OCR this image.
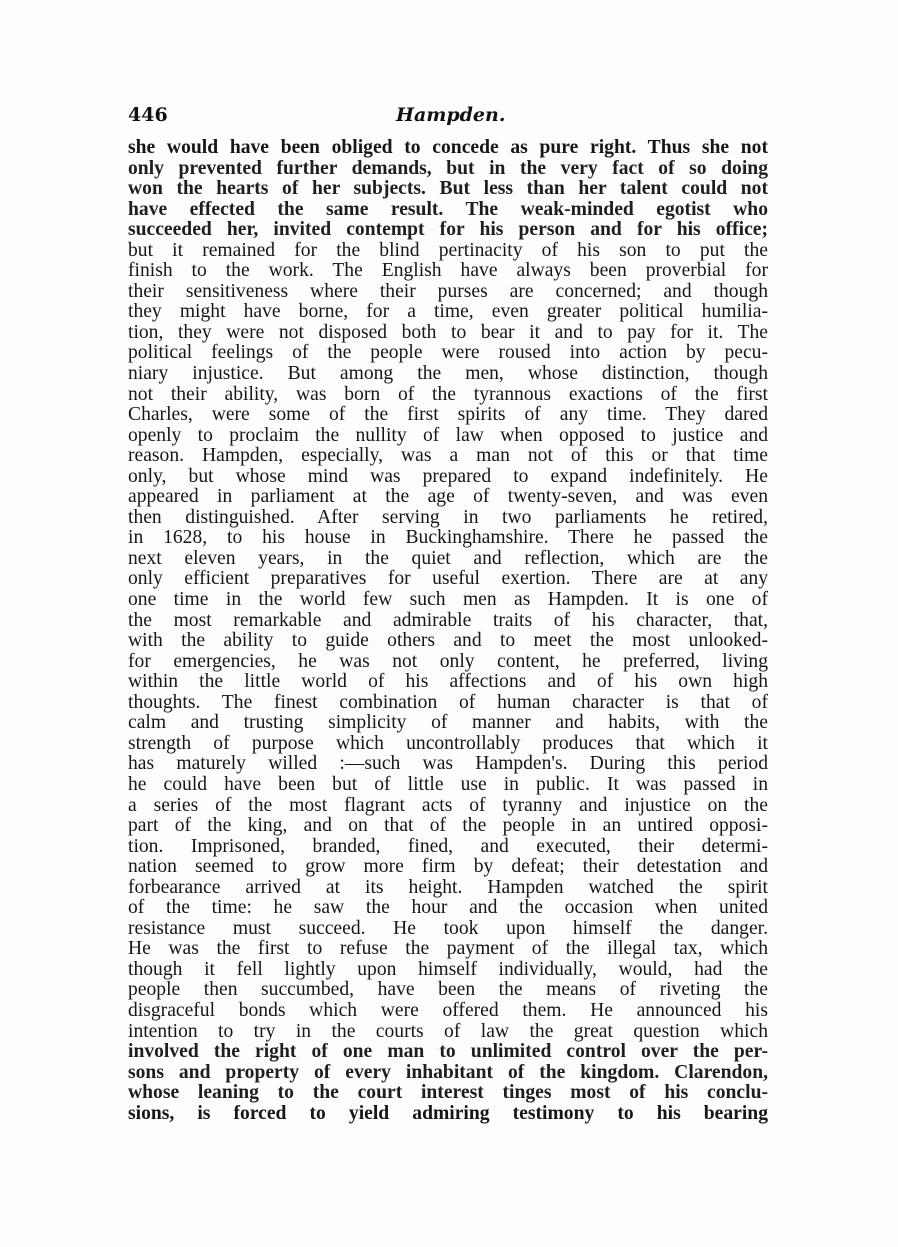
446	Hampden.
she would have been obliged to concede as pure right. Thus she not
only prevented further demands, but in the very fact of so doing
won the hearts of her subjects. But less than her talent could not
have effected the same result. The weak-minded egotist who
succeeded her, invited contempt for his person and for his office;
but it remained for the blind pertinacity of his son to put the
finish to the work. The English have always been proverbial for
their sensitiveness where their purses are concerned; and though
they might have borne, for a time, even greater political humilia-
tion, they were not disposed both to bear it and to pay for it. The
political feelings of the people were roused into action by pecu-
niary injustice. But among the men, whose distinction, though
not their ability, was born of the tyrannous exactions of the first
Charles, were some of the first spirits of any time. They dared
openly to proclaim the nullity of law when opposed to justice and
reason. Hampden, especially, was a man not of this or that time
only, but whose mind was prepared to expand indefinitely. He
appeared in parliament at the age of twenty-seven, and was even
then distinguished. After serving in two parliaments he retired,
in 1628, to his house in Buckinghamshire. There he passed the
next eleven years, in the quiet and reflection, which are the
only efficient preparatives for useful exertion. There are at any
one time in the world few such men as Hampden. It is one of
the most remarkable and admirable traits of his character, that,
with the ability to guide others and to meet the most unlooked-
for emergencies, he was not only content, he preferred, living
within the little world of his affections and of his own high
thoughts. The finest combination of human character is that of
calm and trusting simplicity of manner and habits, with the
strength of purpose which uncontrollably produces that which it
has maturely willed :—such was Hampden's. During this period
he could have been but of little use in public. It was passed in
a series of the most flagrant acts of tyranny and injustice on the
part of the king, and on that of the people in an untired opposi-
tion. Imprisoned, branded, fined, and executed, their determi-
nation seemed to grow more firm by defeat; their detestation and
forbearance arrived at its height. Hampden watched the spirit
of the time: he saw the hour and the occasion when united
resistance must succeed. He took upon himself the danger.
He was the first to refuse the payment of the illegal tax, which
though it fell lightly upon himself individually, would, had the
people then succumbed, have been the means of riveting the
disgraceful bonds which were offered them. He announced his
intention to try in the courts of law the great question which
involved the right of one man to unlimited control over the per-
sons and property of every inhabitant of the kingdom. Clarendon,
whose leaning to the court interest tinges most of his conclu-
sions, is forced to yield admiring testimony to his bearing
